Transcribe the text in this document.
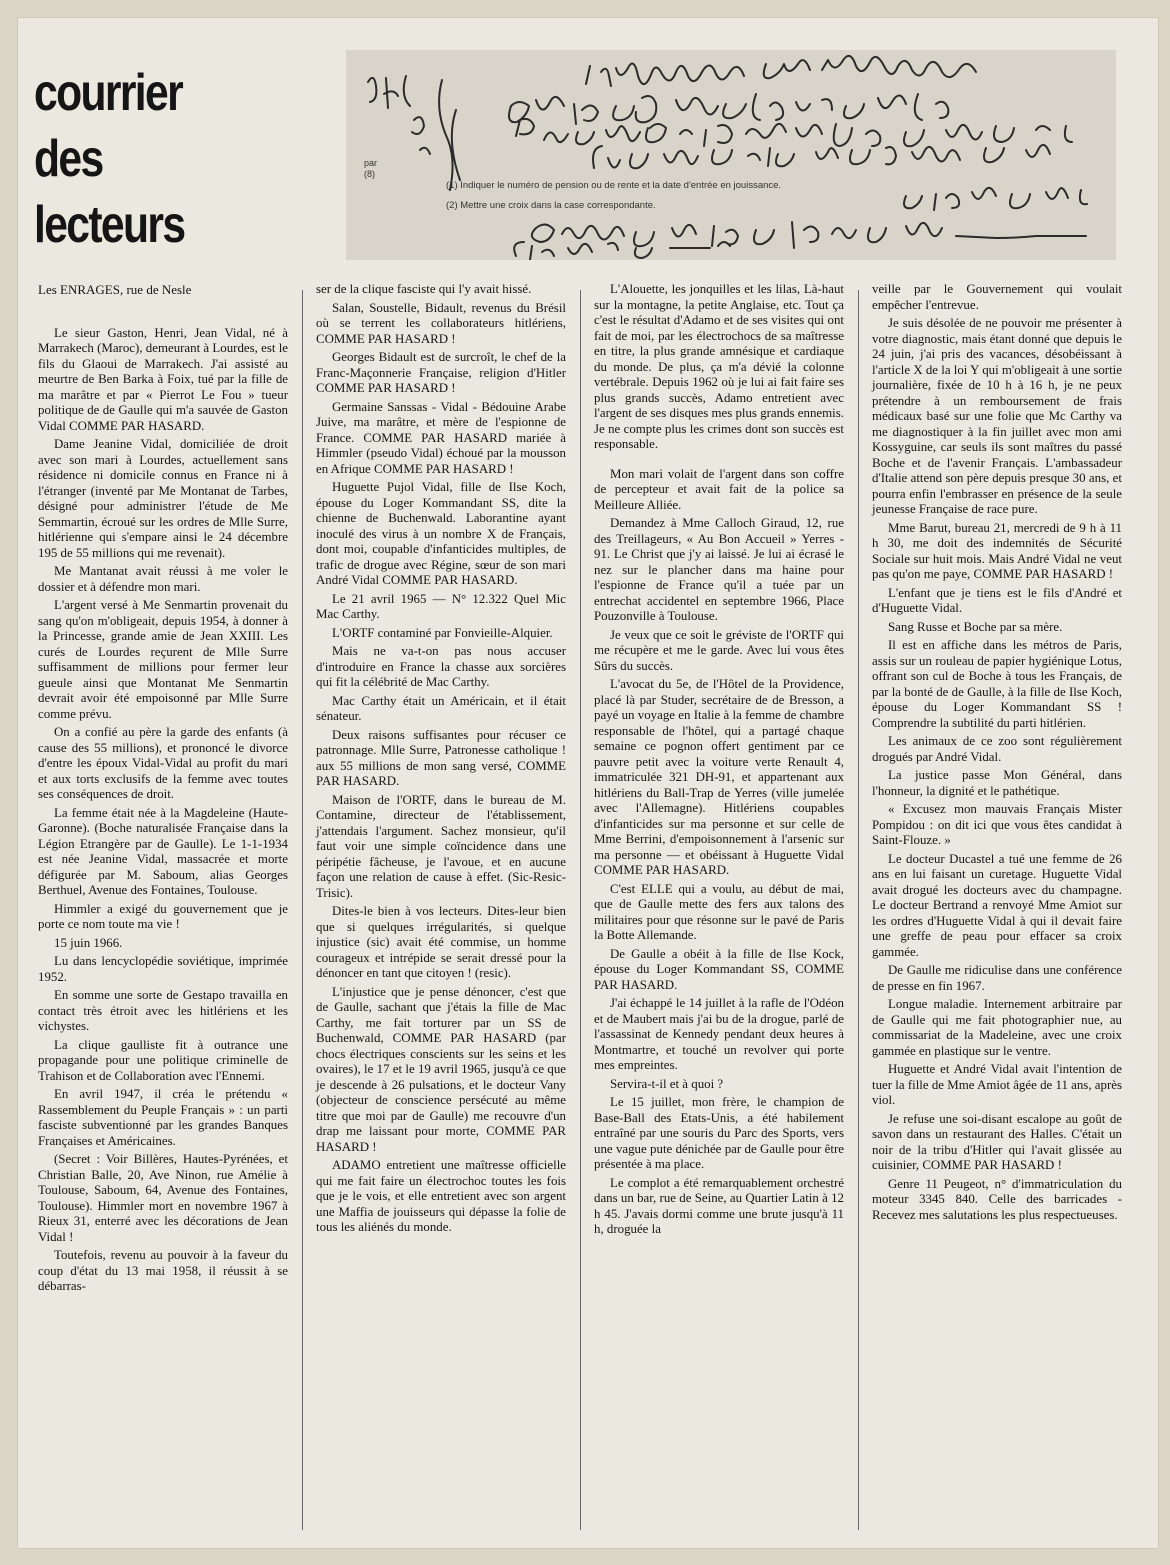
courrier
des
lecteurs
par
(8)
(1) Indiquer le numéro de pension ou de rente et la date d'entrée en jouissance.
(2) Mettre une croix dans la case correspondante.

Les ENRAGES, rue de Nesle

Le sieur Gaston, Henri, Jean Vidal, né à Marrakech (Maroc), demeurant à Lourdes, est le fils du Glaoui de Marrakech. J'ai assisté au meurtre de Ben Barka à Foix, tué par la fille de ma marâtre et par « Pierrot Le Fou » tueur politique de de Gaulle qui m'a sauvée de Gaston Vidal COMME PAR HASARD.

Dame Jeanine Vidal, domiciliée de droit avec son mari à Lourdes, actuellement sans résidence ni domicile connus en France ni à l'étranger (inventé par Me Montanat de Tarbes, désigné pour administrer l'étude de Me Semmartin, écroué sur les ordres de Mlle Surre, hitlérienne qui s'empare ainsi le 24 décembre 195 de 55 millions qui me revenait).

Me Mantanat avait réussi à me voler le dossier et à défendre mon mari.

L'argent versé à Me Senmartin provenait du sang qu'on m'obligeait, depuis 1954, à donner à la Princesse, grande amie de Jean XXIII. Les curés de Lourdes reçurent de Mlle Surre suffisamment de millions pour fermer leur gueule ainsi que Montanat Me Senmartin devrait avoir été empoisonné par Mlle Surre comme prévu.

On a confié au père la garde des enfants (à cause des 55 millions), et prononcé le divorce d'entre les époux Vidal-Vidal au profit du mari et aux torts exclusifs de la femme avec toutes ses conséquences de droit.

La femme était née à la Magdeleine (Haute-Garonne). (Boche naturalisée Française dans la Légion Etrangère par de Gaulle). Le 1-1-1934 est née Jeanine Vidal, massacrée et morte défigurée par M. Saboum, alias Georges Berthuel, Avenue des Fontaines, Toulouse.

Himmler a exigé du gouvernement que je porte ce nom toute ma vie !

15 juin 1966.

Lu dans lencyclopédie soviétique, imprimée 1952.

En somme une sorte de Gestapo travailla en contact très étroit avec les hitlériens et les vichystes.

La clique gaulliste fit à outrance une propagande pour une politique criminelle de Trahison et de Collaboration avec l'Ennemi.

En avril 1947, il créa le prétendu « Rassemblement du Peuple Français » : un parti fasciste subventionné par les grandes Banques Françaises et Américaines.

(Secret : Voir Billères, Hautes-Pyrénées, et Christian Balle, 20, Ave Ninon, rue Amélie à Toulouse, Saboum, 64, Avenue des Fontaines, Toulouse). Himmler mort en novembre 1967 à Rieux 31, enterré avec les décorations de Jean Vidal !

Toutefois, revenu au pouvoir à la faveur du coup d'état du 13 mai 1958, il réussit à se débarras-

ser de la clique fasciste qui l'y avait hissé.

Salan, Soustelle, Bidault, revenus du Brésil où se terrent les collaborateurs hitlériens, COMME PAR HASARD !

Georges Bidault est de surcroît, le chef de la Franc-Maçonnerie Française, religion d'Hitler COMME PAR HASARD !

Germaine Sanssas - Vidal - Bédouine Arabe Juive, ma marâtre, et mère de l'espionne de France. COMME PAR HASARD mariée à Himmler (pseudo Vidal) échoué par la mousson en Afrique COMME PAR HASARD !

Huguette Pujol Vidal, fille de Ilse Koch, épouse du Loger Kommandant SS, dite la chienne de Buchenwald. Laborantine ayant inoculé des virus à un nombre X de Français, dont moi, coupable d'infanticides multiples, de trafic de drogue avec Régine, sœur de son mari André Vidal COMME PAR HASARD.

Le 21 avril 1965 — N° 12.322 Quel Mic Mac Carthy.

L'ORTF contaminé par Fonvieille-Alquier.

Mais ne va-t-on pas nous accuser d'introduire en France la chasse aux sorcières qui fit la célébrité de Mac Carthy.

Mac Carthy était un Américain, et il était sénateur.

Deux raisons suffisantes pour récuser ce patronnage. Mlle Surre, Patronesse catholique ! aux 55 millions de mon sang versé, COMME PAR HASARD.

Maison de l'ORTF, dans le bureau de M. Contamine, directeur de l'établissement, j'attendais l'argument. Sachez monsieur, qu'il faut voir une simple coïncidence dans une péripétie fâcheuse, je l'avoue, et en aucune façon une relation de cause à effet. (Sic-Resic-Trisic).

Dites-le bien à vos lecteurs. Dites-leur bien que si quelques irrégularités, si quelque injustice (sic) avait été commise, un homme courageux et intrépide se serait dressé pour la dénoncer en tant que citoyen ! (resic).

L'injustice que je pense dénoncer, c'est que de Gaulle, sachant que j'étais la fille de Mac Carthy, me fait torturer par un SS de Buchenwald, COMME PAR HASARD (par chocs électriques conscients sur les seins et les ovaires), le 17 et le 19 avril 1965, jusqu'à ce que je descende à 26 pulsations, et le docteur Vany (objecteur de conscience persécuté au même titre que moi par de Gaulle) me recouvre d'un drap me laissant pour morte, COMME PAR HASARD !

ADAMO entretient une maîtresse officielle qui me fait faire un électrochoc toutes les fois que je le vois, et elle entretient avec son argent une Maffia de jouisseurs qui dépasse la folie de tous les aliénés du monde.

L'Alouette, les jonquilles et les lilas, Là-haut sur la montagne, la petite Anglaise, etc. Tout ça c'est le résultat d'Adamo et de ses visites qui ont fait de moi, par les électrochocs de sa maîtresse en titre, la plus grande amnésique et cardiaque du monde. De plus, ça m'a dévié la colonne vertébrale. Depuis 1962 où je lui ai fait faire ses plus grands succès, Adamo entretient avec l'argent de ses disques mes plus grands ennemis. Je ne compte plus les crimes dont son succès est responsable.

Mon mari volait de l'argent dans son coffre de percepteur et avait fait de la police sa Meilleure Alliée.

Demandez à Mme Calloch Giraud, 12, rue des Treillageurs, « Au Bon Accueil » Yerres - 91. Le Christ que j'y ai laissé. Je lui ai écrasé le nez sur le plancher dans ma haine pour l'espionne de France qu'il a tuée par un entrechat accidentel en septembre 1966, Place Pouzonville à Toulouse.

Je veux que ce soit le gréviste de l'ORTF qui me récupère et me le garde. Avec lui vous êtes Sûrs du succès.

L'avocat du 5e, de l'Hôtel de la Providence, placé là par Studer, secrétaire de de Bresson, a payé un voyage en Italie à la femme de chambre responsable de l'hôtel, qui a partagé chaque semaine ce pognon offert gentiment par ce pauvre petit avec la voiture verte Renault 4, immatriculée 321 DH-91, et appartenant aux hitlériens du Ball-Trap de Yerres (ville jumelée avec l'Allemagne). Hitlériens coupables d'infanticides sur ma personne et sur celle de Mme Berrini, d'empoisonnement à l'arsenic sur ma personne — et obéissant à Huguette Vidal COMME PAR HASARD.

C'est ELLE qui a voulu, au début de mai, que de Gaulle mette des fers aux talons des militaires pour que résonne sur le pavé de Paris la Botte Allemande.

De Gaulle a obéit à la fille de Ilse Kock, épouse du Loger Kommandant SS, COMME PAR HASARD.

J'ai échappé le 14 juillet à la rafle de l'Odéon et de Maubert mais j'ai bu de la drogue, parlé de l'assassinat de Kennedy pendant deux heures à Montmartre, et touché un revolver qui porte mes empreintes.

Servira-t-il et à quoi ?

Le 15 juillet, mon frère, le champion de Base-Ball des Etats-Unis, a été habilement entraîné par une souris du Parc des Sports, vers une vague pute dénichée par de Gaulle pour être présentée à ma place.

Le complot a été remarquablement orchestré dans un bar, rue de Seine, au Quartier Latin à 12 h 45. J'avais dormi comme une brute jusqu'à 11 h, droguée la

veille par le Gouvernement qui voulait empêcher l'entrevue.

Je suis désolée de ne pouvoir me présenter à votre diagnostic, mais étant donné que depuis le 24 juin, j'ai pris des vacances, désobéissant à l'article X de la loi Y qui m'obligeait à une sortie journalière, fixée de 10 h à 16 h, je ne peux prétendre à un remboursement de frais médicaux basé sur une folie que Mc Carthy va me diagnostiquer à la fin juillet avec mon ami Kossyguine, car seuls ils sont maîtres du passé Boche et de l'avenir Français. L'ambassadeur d'Italie attend son père depuis presque 30 ans, et pourra enfin l'embrasser en présence de la seule jeunesse Française de race pure.

Mme Barut, bureau 21, mercredi de 9 h à 11 h 30, me doit des indemnités de Sécurité Sociale sur huit mois. Mais André Vidal ne veut pas qu'on me paye, COMME PAR HASARD !

L'enfant que je tiens est le fils d'André et d'Huguette Vidal.

Sang Russe et Boche par sa mère.

Il est en affiche dans les métros de Paris, assis sur un rouleau de papier hygiénique Lotus, offrant son cul de Boche à tous les Français, de par la bonté de de Gaulle, à la fille de Ilse Koch, épouse du Loger Kommandant SS ! Comprendre la subtilité du parti hitlérien.

Les animaux de ce zoo sont régulièrement drogués par André Vidal.

La justice passe Mon Général, dans l'honneur, la dignité et le pathétique.

« Excusez mon mauvais Français Mister Pompidou : on dit ici que vous êtes candidat à Saint-Flouze. »

Le docteur Ducastel a tué une femme de 26 ans en lui faisant un curetage. Huguette Vidal avait drogué les docteurs avec du champagne. Le docteur Bertrand a renvoyé Mme Amiot sur les ordres d'Huguette Vidal à qui il devait faire une greffe de peau pour effacer sa croix gammée.

De Gaulle me ridiculise dans une conférence de presse en fin 1967.

Longue maladie. Internement arbitraire par de Gaulle qui me fait photographier nue, au commissariat de la Madeleine, avec une croix gammée en plastique sur le ventre.

Huguette et André Vidal avait l'intention de tuer la fille de Mme Amiot âgée de 11 ans, après viol.

Je refuse une soi-disant escalope au goût de savon dans un restaurant des Halles. C'était un noir de la tribu d'Hitler qui l'avait glissée au cuisinier, COMME PAR HASARD !

Genre 11 Peugeot, n° d'immatriculation du moteur 3345 840. Celle des barricades - Recevez mes salutations les plus respectueuses.
